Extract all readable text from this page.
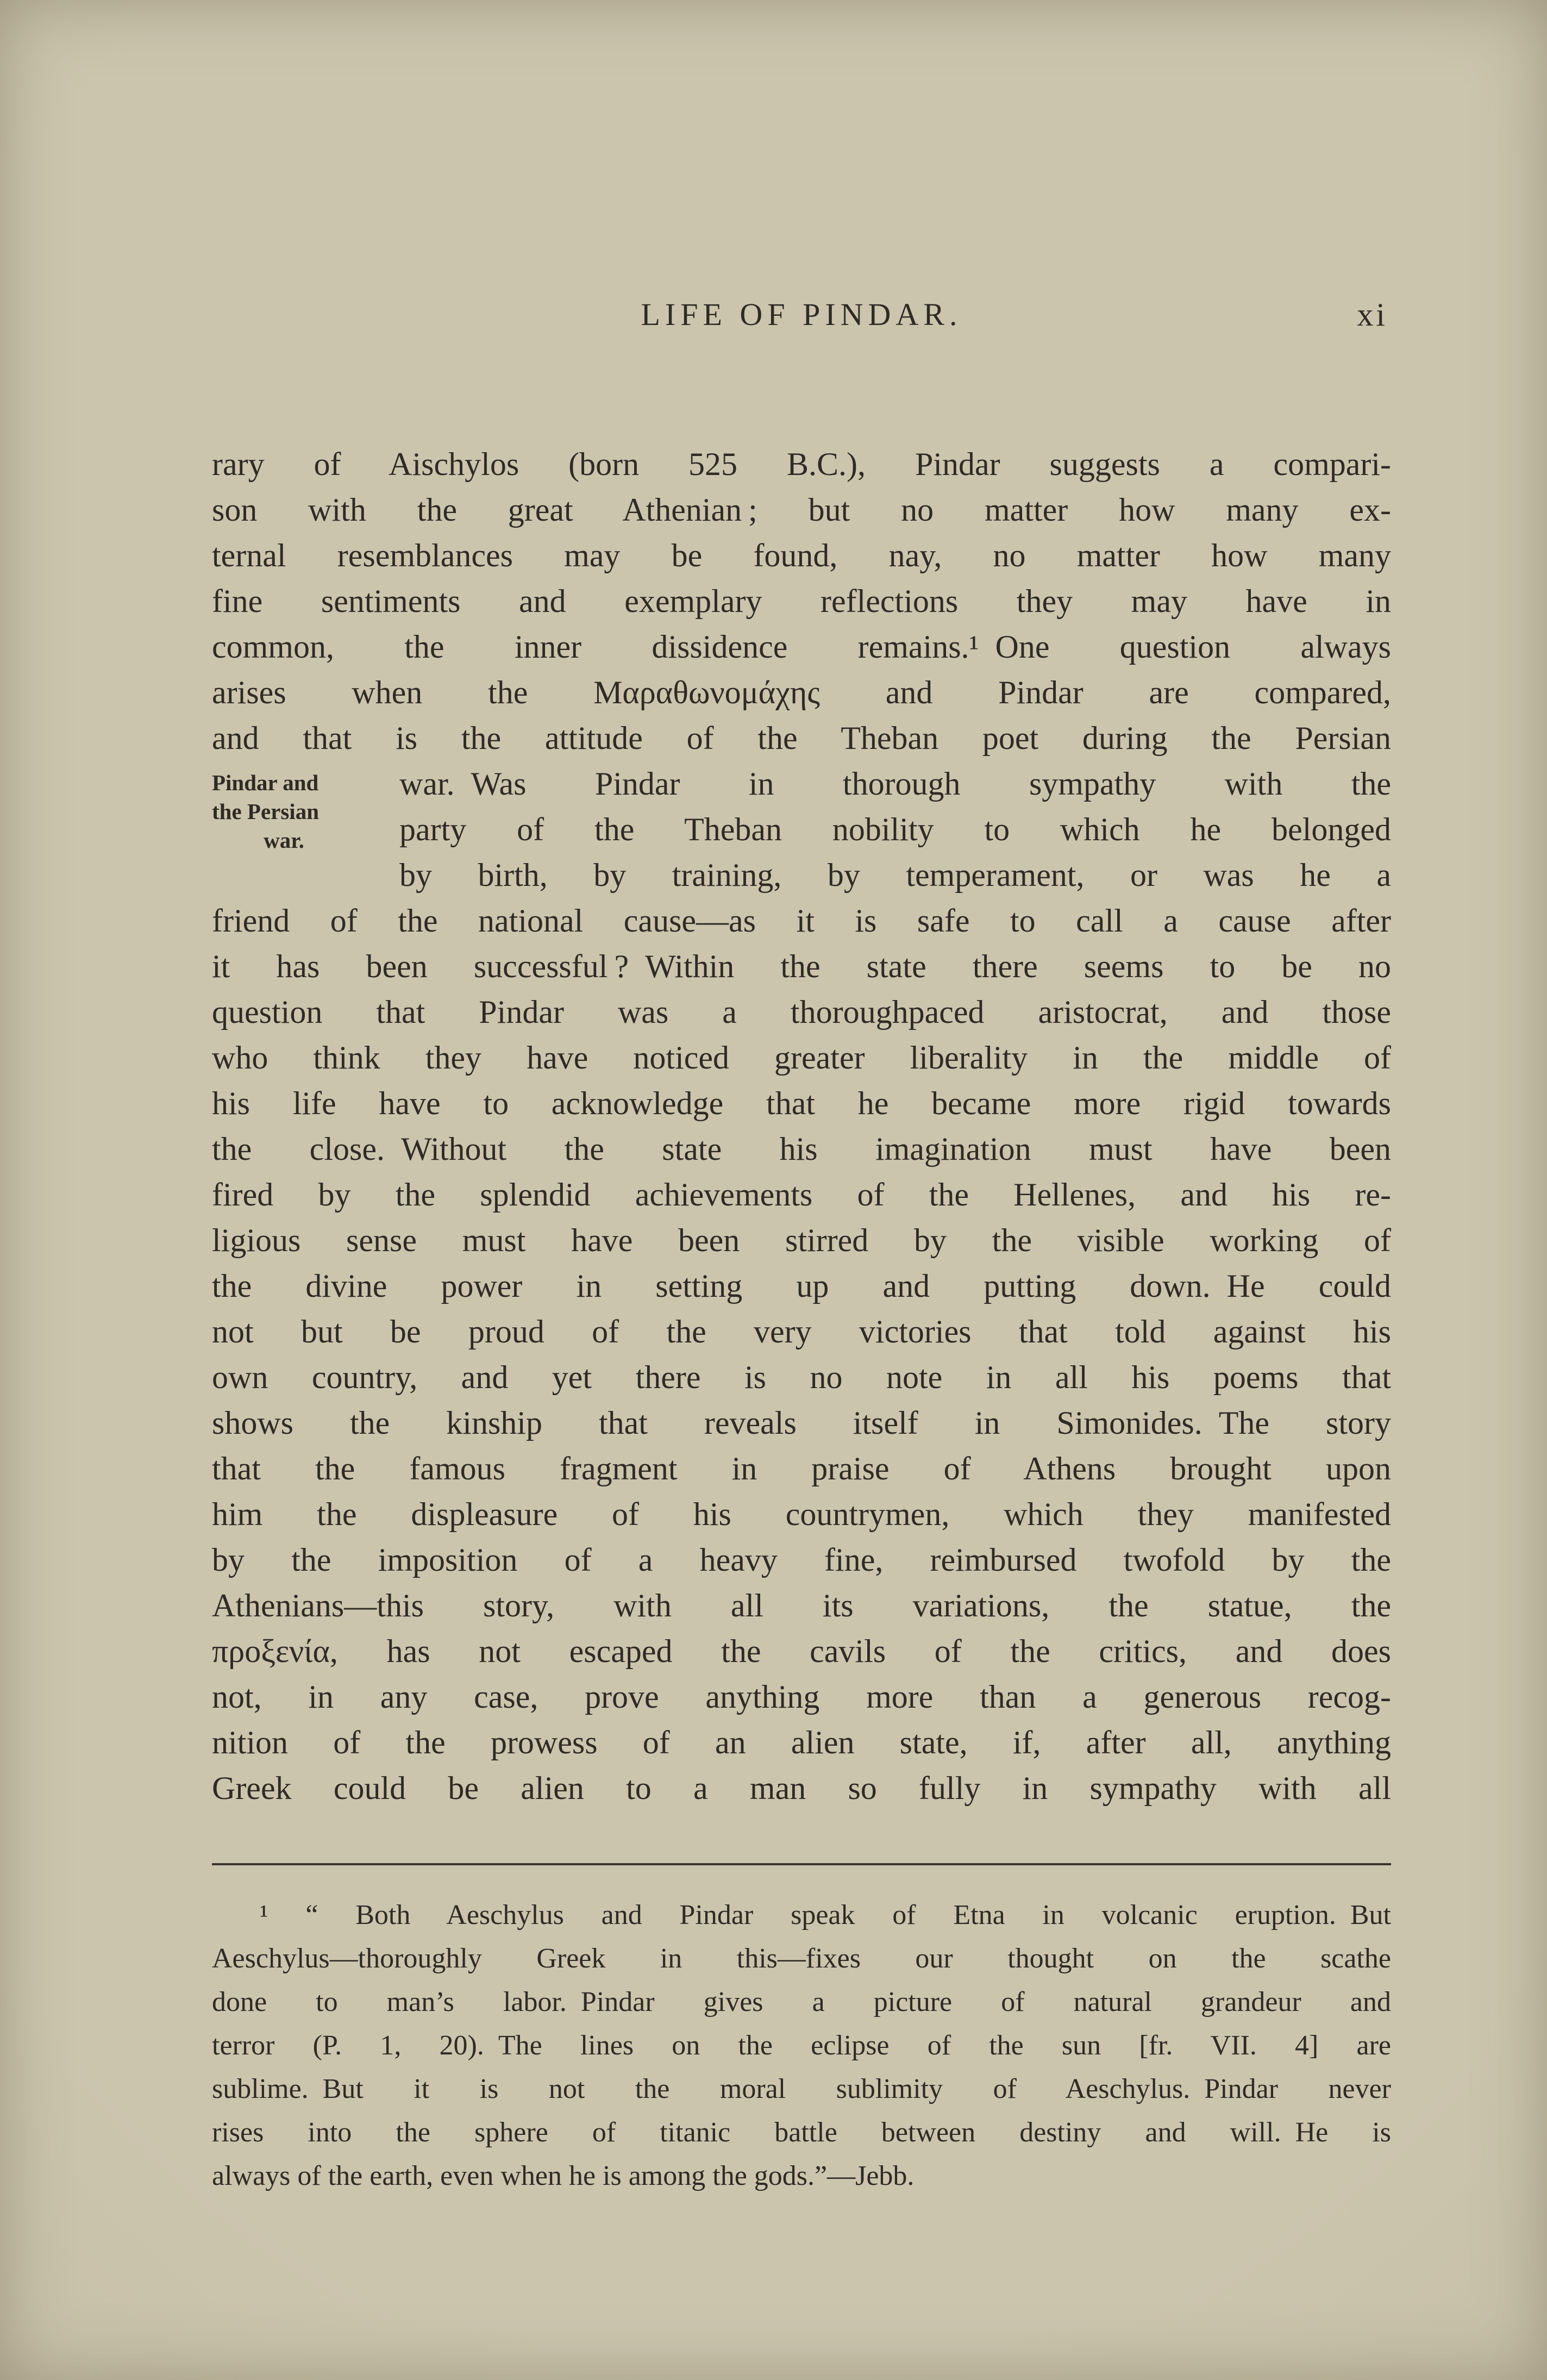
LIFE OF PINDAR.	xi
rary of Aischylos (born 525 B.C.), Pindar suggests a compari-
son with the great Athenian ; but no matter how many ex-
ternal resemblances may be found, nay, no matter how many
fine sentiments and exemplary reflections they may have in
common, the inner dissidence remains.¹ One question always
arises when the Μαραθωνομάχης and Pindar are compared,
and that is the attitude of the Theban poet during the Persian
war. Was Pindar in thorough sympathy with the
party of the Theban nobility to which he belonged
by birth, by training, by temperament, or was he a
friend of the national cause—as it is safe to call a cause after
it has been successful ? Within the state there seems to be no
question that Pindar was a thoroughpaced aristocrat, and those
who think they have noticed greater liberality in the middle of
his life have to acknowledge that he became more rigid towards
the close. Without the state his imagination must have been
fired by the splendid achievements of the Hellenes, and his re-
ligious sense must have been stirred by the visible working of
the divine power in setting up and putting down. He could
not but be proud of the very victories that told against his
own country, and yet there is no note in all his poems that
shows the kinship that reveals itself in Simonides. The story
that the famous fragment in praise of Athens brought upon
him the displeasure of his countrymen, which they manifested
by the imposition of a heavy fine, reimbursed twofold by the
Athenians—this story, with all its variations, the statue, the
προξενία, has not escaped the cavils of the critics, and does
not, in any case, prove anything more than a generous recog-
nition of the prowess of an alien state, if, after all, anything
Greek could be alien to a man so fully in sympathy with all
Pindar and
the Persian
war.
¹ “ Both Aeschylus and Pindar speak of Etna in volcanic eruption. But
Aeschylus—thoroughly Greek in this—fixes our thought on the scathe
done to man’s labor. Pindar gives a picture of natural grandeur and
terror (P. 1, 20). The lines on the eclipse of the sun [fr. VII. 4] are
sublime. But it is not the moral sublimity of Aeschylus. Pindar never
rises into the sphere of titanic battle between destiny and will. He is
always of the earth, even when he is among the gods.”—Jebb.
